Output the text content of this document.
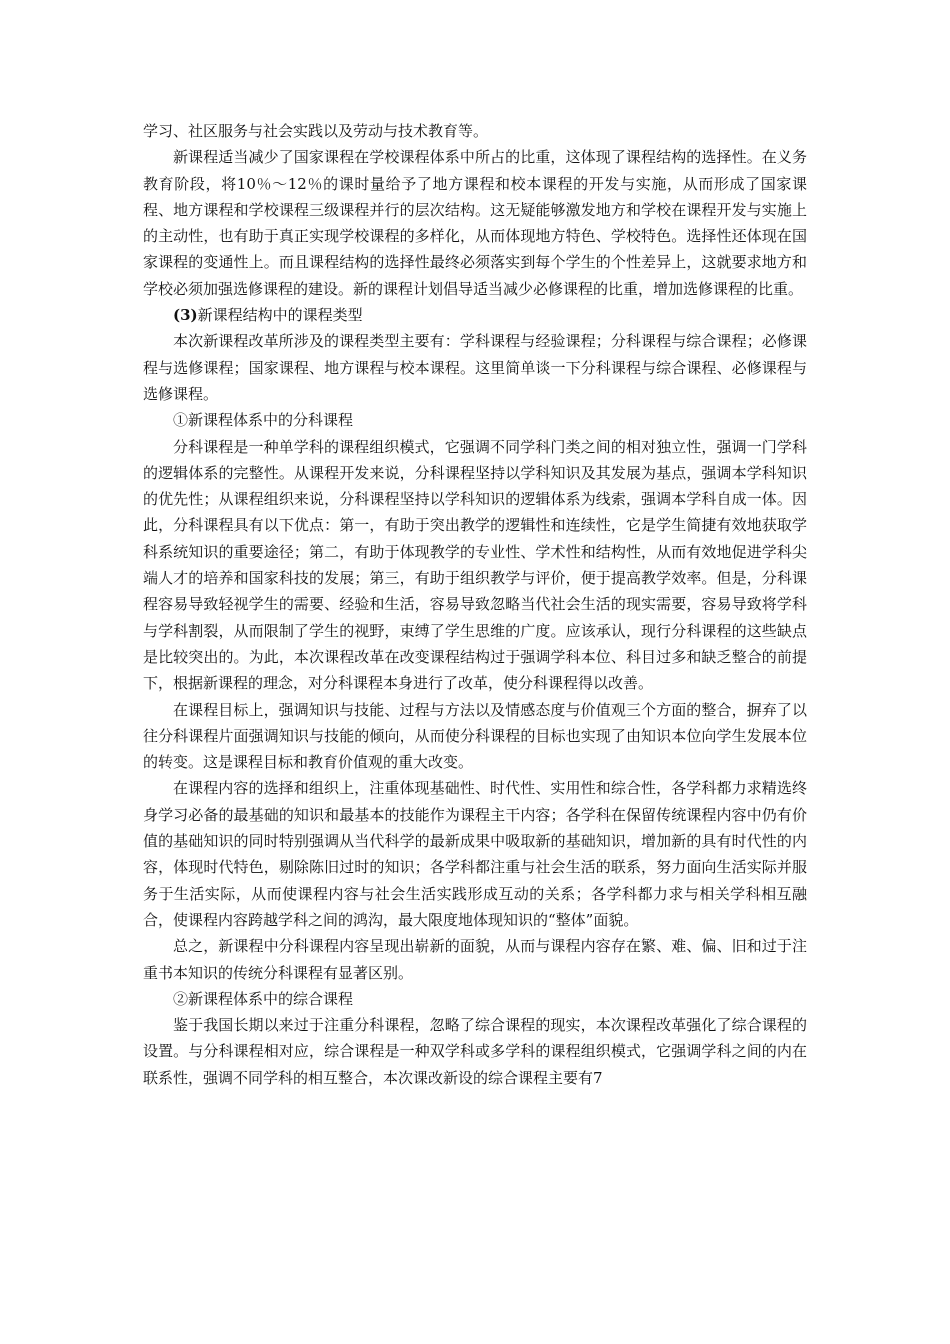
学习、社区服务与社会实践以及劳动与技术教育等。

新课程适当减少了国家课程在学校课程体系中所占的比重，这体现了课程结构的选择性。在义务教育阶段，将10％～12％的课时量给予了地方课程和校本课程的开发与实施，从而形成了国家课程、地方课程和学校课程三级课程并行的层次结构。这无疑能够激发地方和学校在课程开发与实施上的主动性，也有助于真正实现学校课程的多样化，从而体现地方特色、学校特色。选择性还体现在国家课程的变通性上。而且课程结构的选择性最终必须落实到每个学生的个性差异上，这就要求地方和学校必须加强选修课程的建设。新的课程计划倡导适当减少必修课程的比重，增加选修课程的比重。

(3)新课程结构中的课程类型

本次新课程改革所涉及的课程类型主要有：学科课程与经验课程；分科课程与综合课程；必修课程与选修课程；国家课程、地方课程与校本课程。这里简单谈一下分科课程与综合课程、必修课程与选修课程。

①新课程体系中的分科课程

分科课程是一种单学科的课程组织模式，它强调不同学科门类之间的相对独立性，强调一门学科的逻辑体系的完整性。从课程开发来说，分科课程坚持以学科知识及其发展为基点，强调本学科知识的优先性；从课程组织来说，分科课程坚持以学科知识的逻辑体系为线索，强调本学科自成一体。因此，分科课程具有以下优点：第一，有助于突出教学的逻辑性和连续性，它是学生简捷有效地获取学科系统知识的重要途径；第二，有助于体现教学的专业性、学术性和结构性，从而有效地促进学科尖端人才的培养和国家科技的发展；第三，有助于组织教学与评价，便于提高教学效率。但是，分科课程容易导致轻视学生的需要、经验和生活，容易导致忽略当代社会生活的现实需要，容易导致将学科与学科割裂，从而限制了学生的视野，束缚了学生思维的广度。应该承认，现行分科课程的这些缺点是比较突出的。为此，本次课程改革在改变课程结构过于强调学科本位、科目过多和缺乏整合的前提下，根据新课程的理念，对分科课程本身进行了改革，使分科课程得以改善。

在课程目标上，强调知识与技能、过程与方法以及情感态度与价值观三个方面的整合，摒弃了以往分科课程片面强调知识与技能的倾向，从而使分科课程的目标也实现了由知识本位向学生发展本位的转变。这是课程目标和教育价值观的重大改变。

在课程内容的选择和组织上，注重体现基础性、时代性、实用性和综合性，各学科都力求精选终身学习必备的最基础的知识和最基本的技能作为课程主干内容；各学科在保留传统课程内容中仍有价值的基础知识的同时特别强调从当代科学的最新成果中吸取新的基础知识，增加新的具有时代性的内容，体现时代特色，剔除陈旧过时的知识；各学科都注重与社会生活的联系，努力面向生活实际并服务于生活实际，从而使课程内容与社会生活实践形成互动的关系；各学科都力求与相关学科相互融合，使课程内容跨越学科之间的鸿沟，最大限度地体现知识的“整体”面貌。

总之，新课程中分科课程内容呈现出崭新的面貌，从而与课程内容存在繁、难、偏、旧和过于注重书本知识的传统分科课程有显著区别。

②新课程体系中的综合课程

鉴于我国长期以来过于注重分科课程，忽略了综合课程的现实，本次课程改革强化了综合课程的设置。与分科课程相对应，综合课程是一种双学科或多学科的课程组织模式，它强调学科之间的内在联系性，强调不同学科的相互整合，本次课改新设的综合课程主要有7
